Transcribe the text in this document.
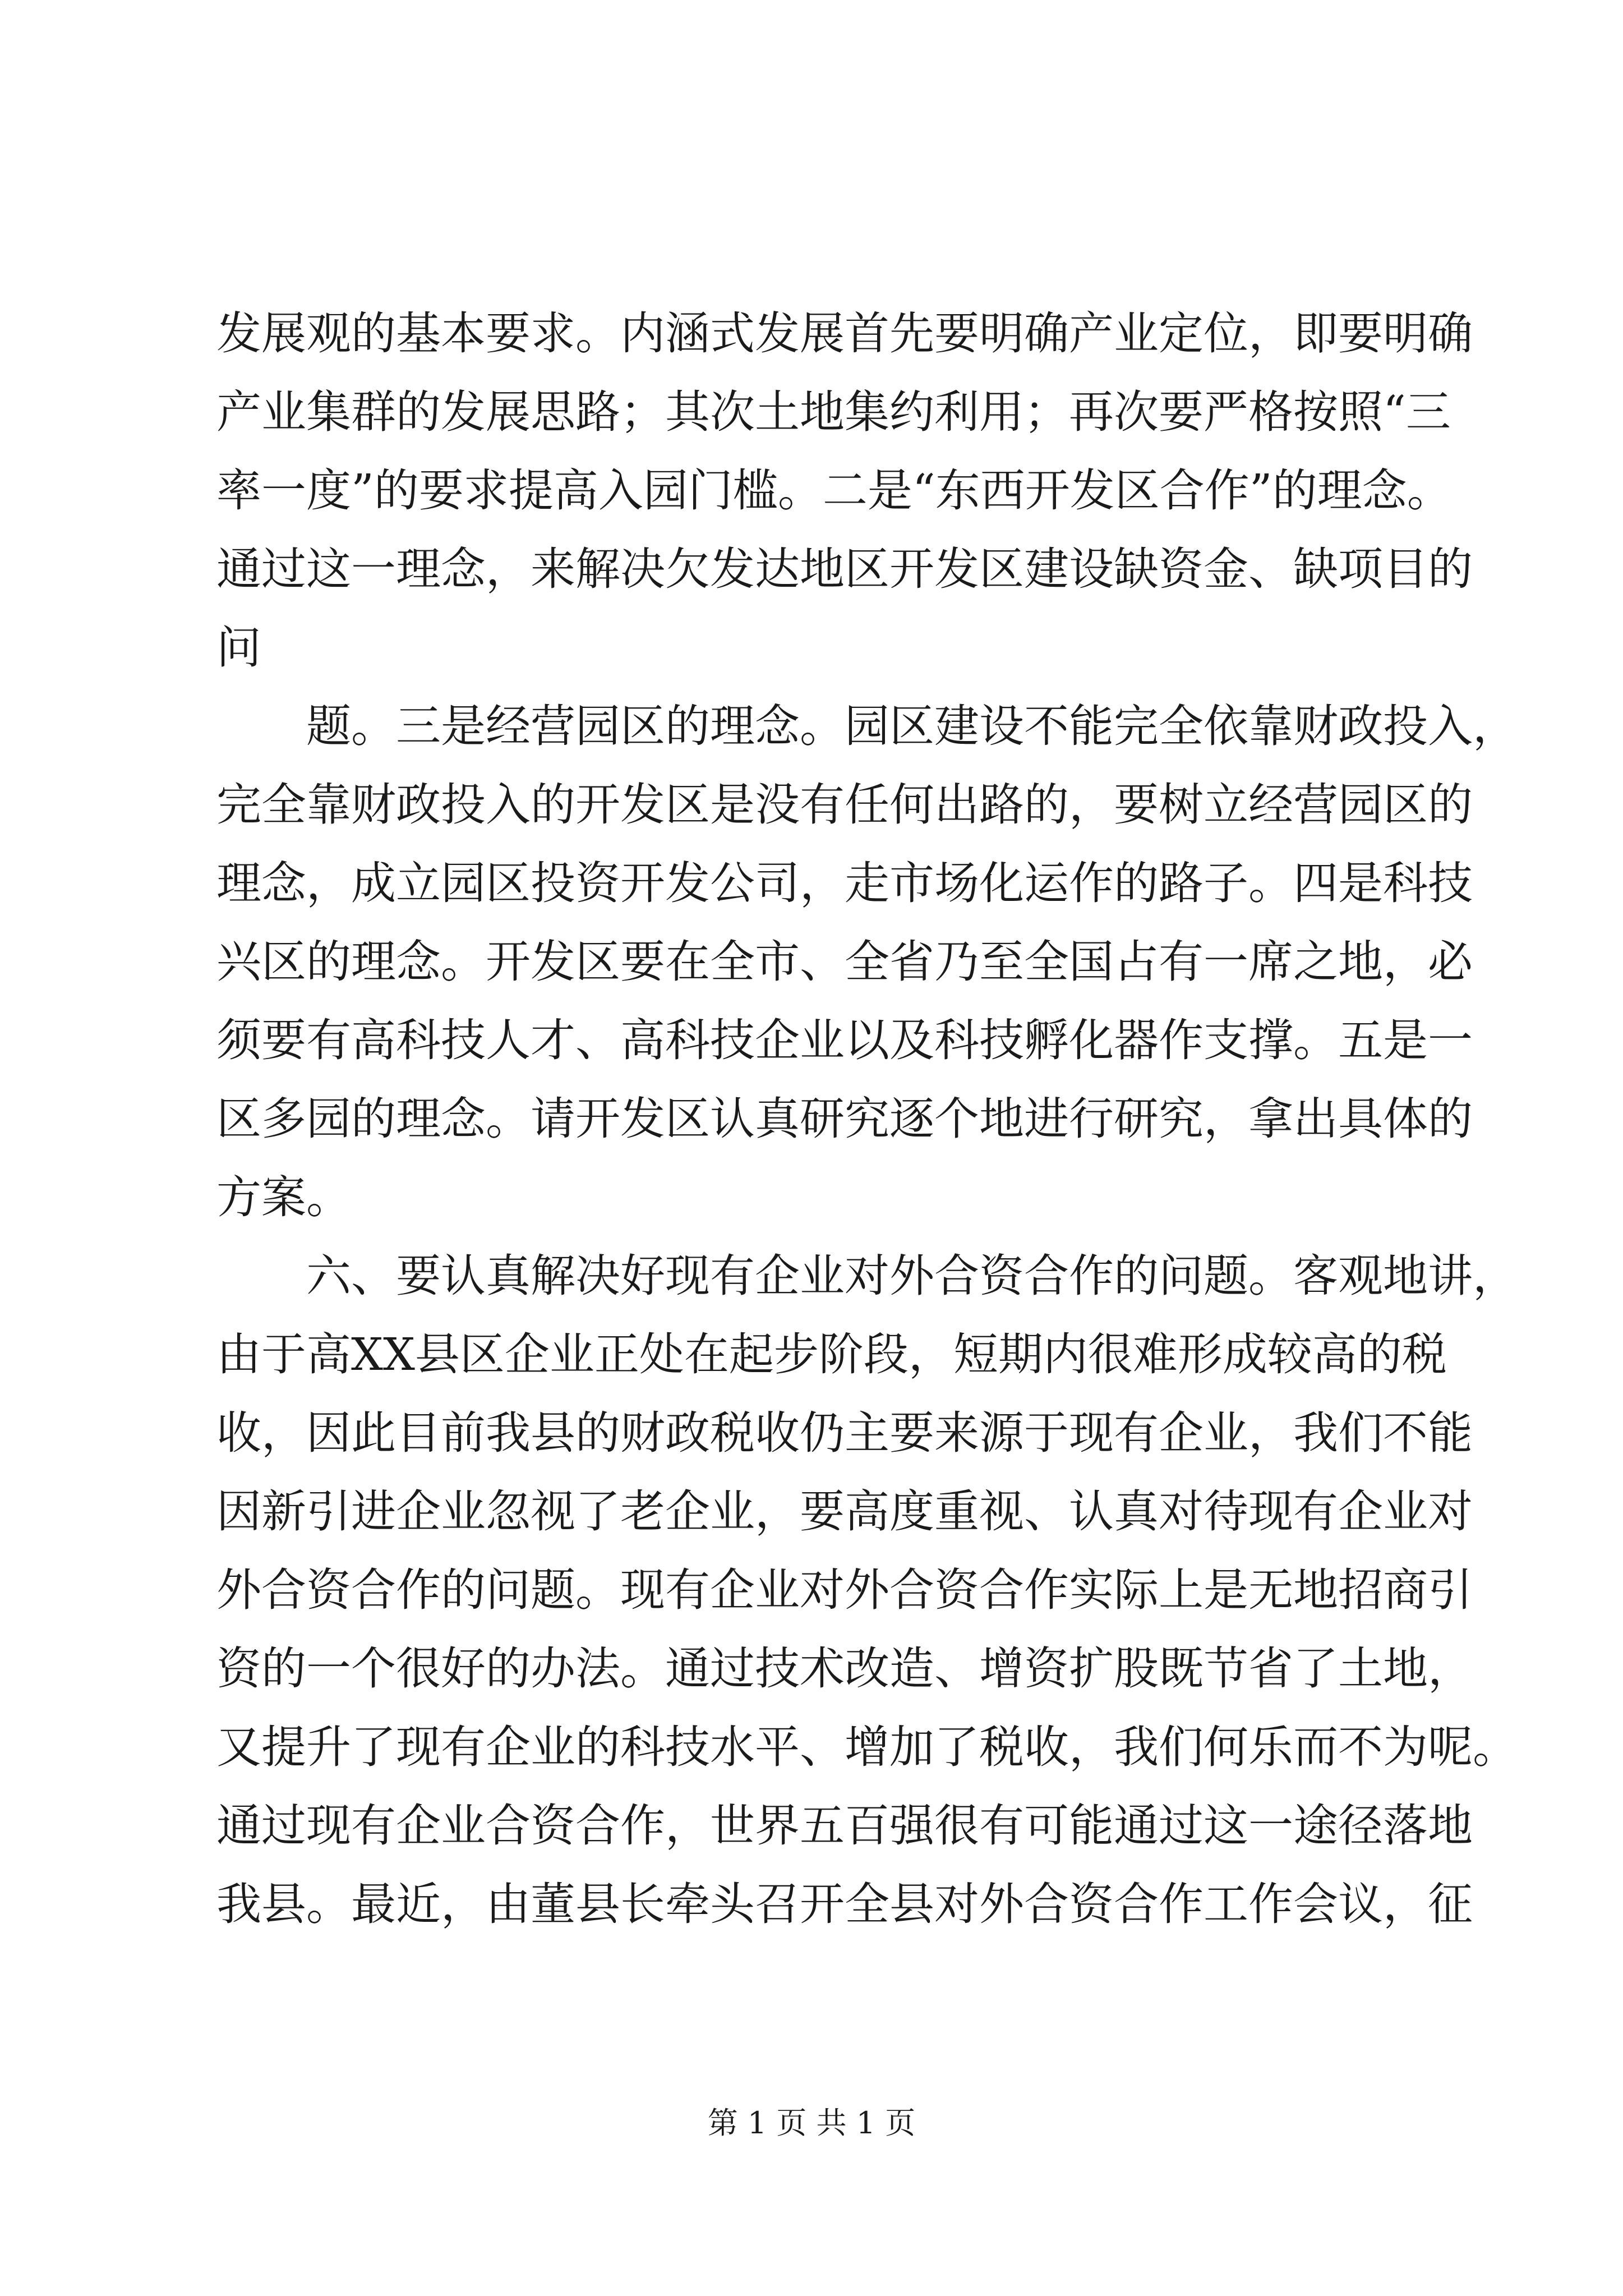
发展观的基本要求。内涵式发展首先要明确产业定位，即要明确
产业集群的发展思路；其次土地集约利用；再次要严格按照“三
率一度”的要求提高入园门槛。二是“东西开发区合作”的理念。
通过这一理念，来解决欠发达地区开发区建设缺资金、缺项目的
问
题。三是经营园区的理念。园区建设不能完全依靠财政投入，
完全靠财政投入的开发区是没有任何出路的，要树立经营园区的
理念，成立园区投资开发公司，走市场化运作的路子。四是科技
兴区的理念。开发区要在全市、全省乃至全国占有一席之地，必
须要有高科技人才、高科技企业以及科技孵化器作支撑。五是一
区多园的理念。请开发区认真研究逐个地进行研究，拿出具体的
方案。
六、要认真解决好现有企业对外合资合作的问题。客观地讲，
由于高XX县区企业正处在起步阶段，短期内很难形成较高的税
收，因此目前我县的财政税收仍主要来源于现有企业，我们不能
因新引进企业忽视了老企业，要高度重视、认真对待现有企业对
外合资合作的问题。现有企业对外合资合作实际上是无地招商引
资的一个很好的办法。通过技术改造、增资扩股既节省了土地，
又提升了现有企业的科技水平、增加了税收，我们何乐而不为呢。
通过现有企业合资合作，世界五百强很有可能通过这一途径落地
我县。最近，由董县长牵头召开全县对外合资合作工作会议，征
第 1 页 共 1 页
